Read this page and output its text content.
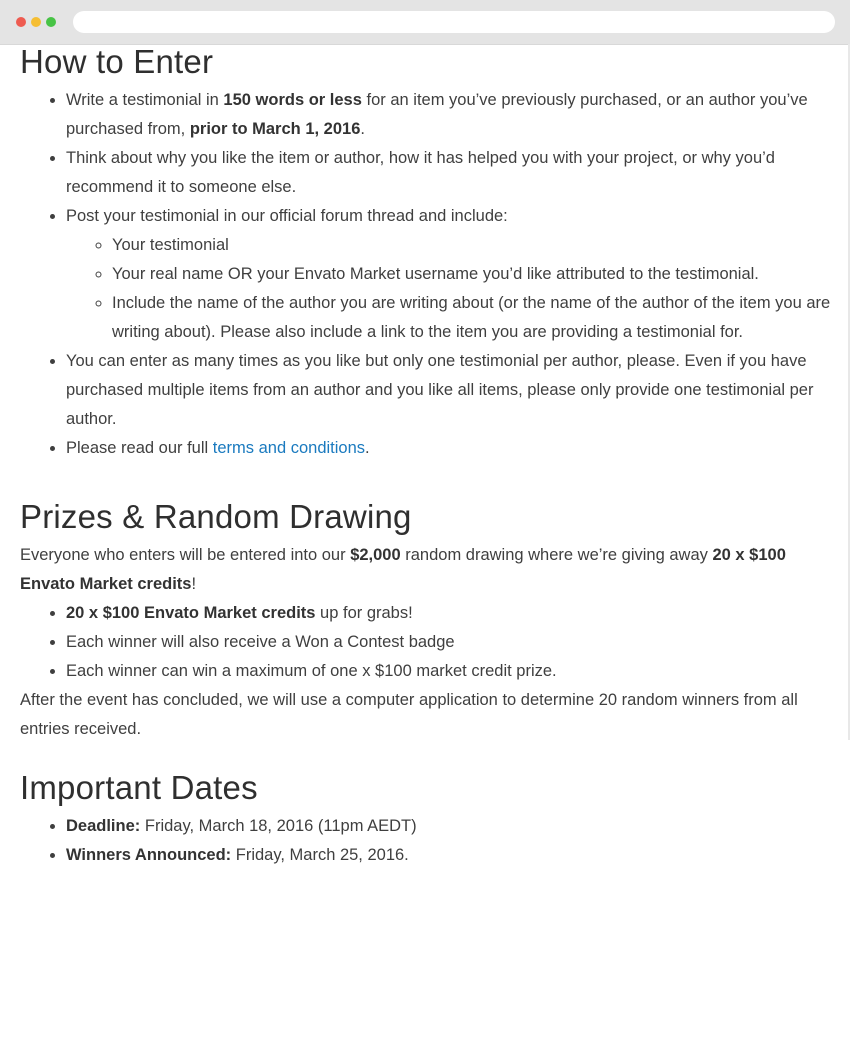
How to Enter
• Write a testimonial in 150 words or less for an item you’ve previously purchased, or an author you’ve purchased from, prior to March 1, 2016.
• Think about why you like the item or author, how it has helped you with your project, or why you’d recommend it to someone else.
• Post your testimonial in our official forum thread and include:
◦ Your testimonial
◦ Your real name OR your Envato Market username you’d like attributed to the testimonial.
◦ Include the name of the author you are writing about (or the name of the author of the item you are writing about). Please also include a link to the item you are providing a testimonial for.
• You can enter as many times as you like but only one testimonial per author, please. Even if you have purchased multiple items from an author and you like all items, please only provide one testimonial per author.
• Please read our full terms and conditions.
Prizes & Random Drawing

Everyone who enters will be entered into our $2,000 random drawing where we’re giving away 20 x $100 Envato Market credits!

• 20 x $100 Envato Market credits up for grabs!
• Each winner will also receive a Won a Contest badge
• Each winner can win a maximum of one x $100 market credit prize.

After the event has concluded, we will use a computer application to determine 20 random winners from all entries received.

Important Dates
• Deadline: Friday, March 18, 2016 (11pm AEDT)
• Winners Announced: Friday, March 25, 2016.
